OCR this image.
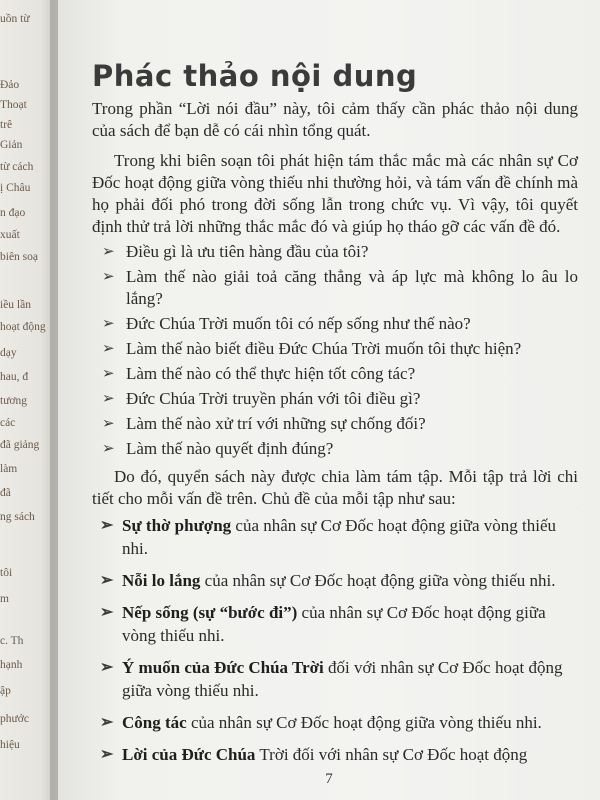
uồn từ
Đảo
Thoạt
trê
Giản
từ cách
ị Châu
n đạo
xuất
biên soạ
iều lần
hoạt động
dạy
hau, đ
tương
các
đã giảng
làm
đã
ng sách
tôi
m
c. Th
hạnh
ập
phước
hiệu
Phác thảo nội dung

Trong phần “Lời nói đầu” này, tôi cảm thấy cần phác thảo nội dung của sách để bạn dễ có cái nhìn tổng quát.

Trong khi biên soạn tôi phát hiện tám thắc mắc mà các nhân sự Cơ Đốc hoạt động giữa vòng thiếu nhi thường hỏi, và tám vấn đề chính mà họ phải đối phó trong đời sống lẫn trong chức vụ. Vì vậy, tôi quyết định thử trả lời những thắc mắc đó và giúp họ tháo gỡ các vấn đề đó.

➢ Điều gì là ưu tiên hàng đầu của tôi?
➢ Làm thế nào giải toả căng thẳng và áp lực mà không lo âu lo lắng?
➢ Đức Chúa Trời muốn tôi có nếp sống như thế nào?
➢ Làm thế nào biết điều Đức Chúa Trời muốn tôi thực hiện?
➢ Làm thế nào có thể thực hiện tốt công tác?
➢ Đức Chúa Trời truyền phán với tôi điều gì?
➢ Làm thế nào xử trí với những sự chống đối?
➢ Làm thế nào quyết định đúng?

Do đó, quyển sách này được chia làm tám tập. Mỗi tập trả lời chi tiết cho mỗi vấn đề trên. Chủ đề của mỗi tập như sau:

➢ Sự thờ phượng của nhân sự Cơ Đốc hoạt động giữa vòng thiếu nhi.
➢ Nỗi lo lắng của nhân sự Cơ Đốc hoạt động giữa vòng thiếu nhi.
➢ Nếp sống (sự “bước đi”) của nhân sự Cơ Đốc hoạt động giữa vòng thiếu nhi.
➢ Ý muốn của Đức Chúa Trời đối với nhân sự Cơ Đốc hoạt động giữa vòng thiếu nhi.
➢ Công tác của nhân sự Cơ Đốc hoạt động giữa vòng thiếu nhi.
➢ Lời của Đức Chúa Trời đối với nhân sự Cơ Đốc hoạt động
7
